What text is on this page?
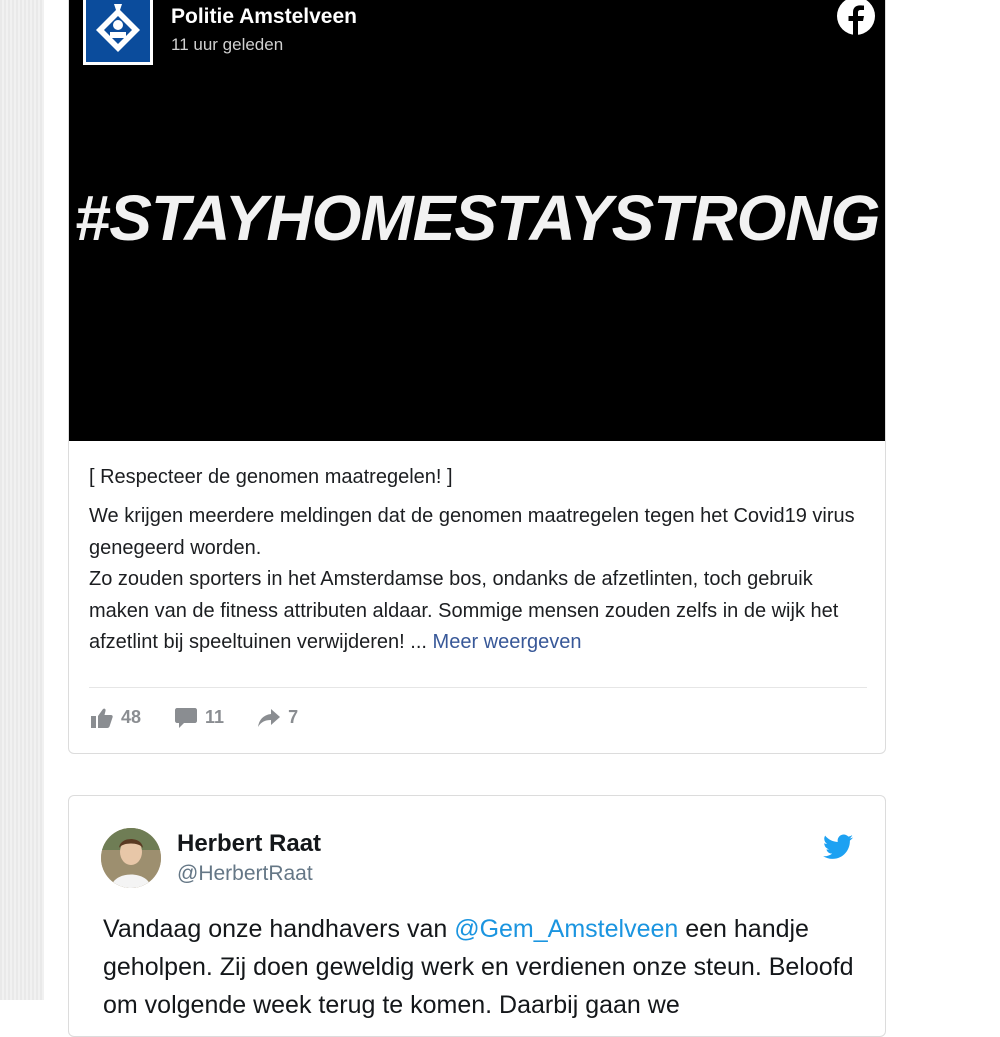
Politie Amstelveen
11 uur geleden
#STAYHOMESTAYSTRONG
[ Respecteer de genomen maatregelen! ]

We krijgen meerdere meldingen dat de genomen maatregelen tegen het Covid19 virus genegeerd worden.

Zo zouden sporters in het Amsterdamse bos, ondanks de afzetlinten, toch gebruik maken van de fitness attributen aldaar. Sommige mensen zouden zelfs in de wijk het afzetlint bij speeltuinen verwijderen! ... Meer weergeven

48	11	7
Herbert Raat
@HerbertRaat
Vandaag onze handhavers van @Gem_Amstelveen een handje geholpen. Zij doen geweldig werk en verdienen onze steun. Beloofd om volgende week terug te komen. Daarbij gaan we
